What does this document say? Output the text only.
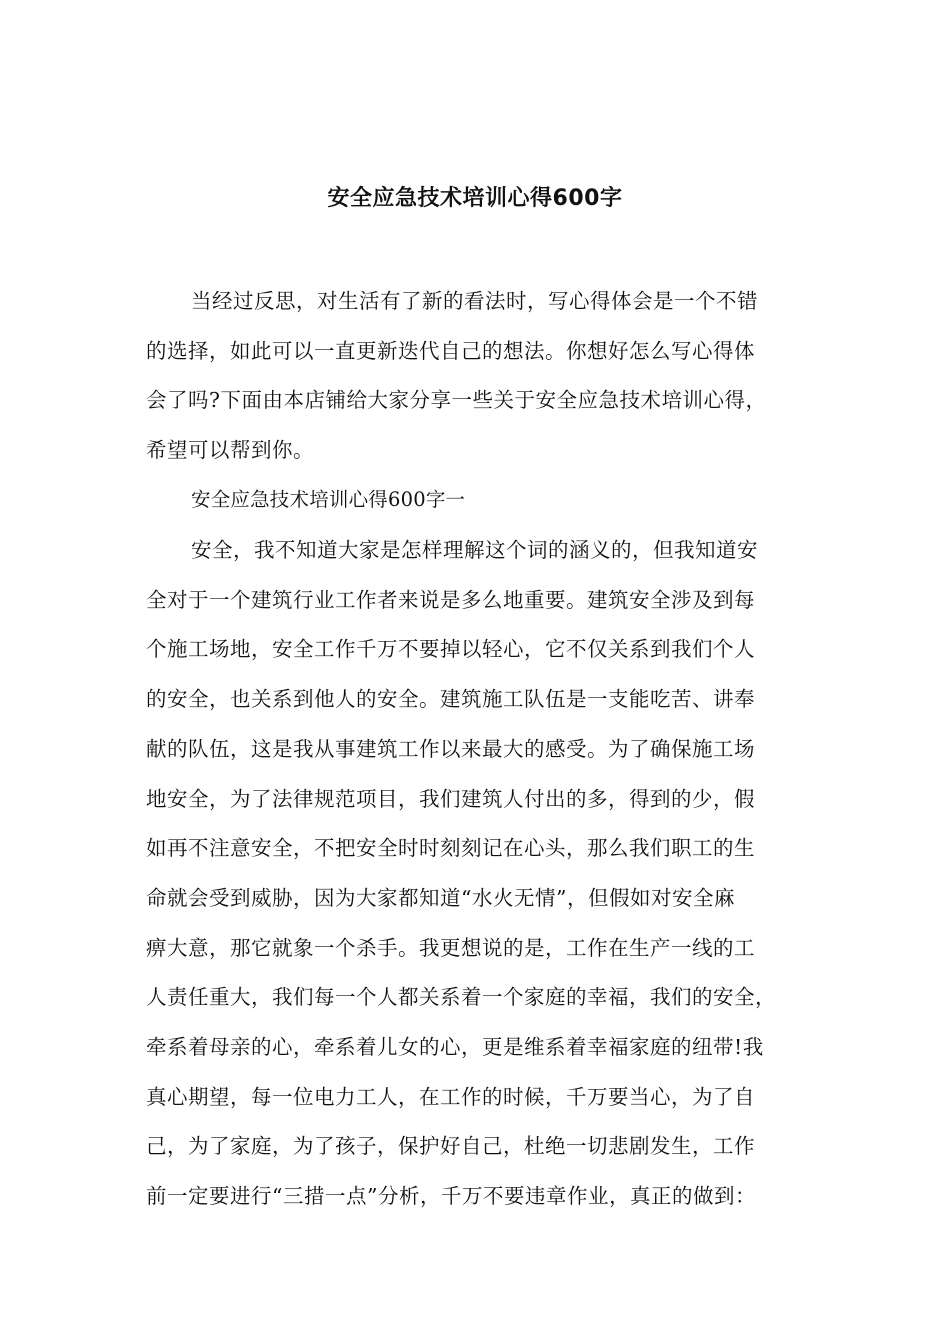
安全应急技术培训心得600字
当经过反思，对生活有了新的看法时，写心得体会是一个不错
的选择，如此可以一直更新迭代自己的想法。你想好怎么写心得体
会了吗?下面由本店铺给大家分享一些关于安全应急技术培训心得，
希望可以帮到你。
安全应急技术培训心得600字一
安全，我不知道大家是怎样理解这个词的涵义的，但我知道安
全对于一个建筑行业工作者来说是多么地重要。建筑安全涉及到每
个施工场地，安全工作千万不要掉以轻心，它不仅关系到我们个人
的安全，也关系到他人的安全。建筑施工队伍是一支能吃苦、讲奉
献的队伍，这是我从事建筑工作以来最大的感受。为了确保施工场
地安全，为了法律规范项目，我们建筑人付出的多，得到的少，假
如再不注意安全，不把安全时时刻刻记在心头，那么我们职工的生
命就会受到威胁，因为大家都知道“水火无情”，但假如对安全麻
痹大意，那它就象一个杀手。我更想说的是，工作在生产一线的工
人责任重大，我们每一个人都关系着一个家庭的幸福，我们的安全，
牵系着母亲的心，牵系着儿女的心，更是维系着幸福家庭的纽带!我
真心期望，每一位电力工人，在工作的时候，千万要当心，为了自
己，为了家庭，为了孩子，保护好自己，杜绝一切悲剧发生，工作
前一定要进行“三措一点”分析，千万不要违章作业，真正的做到：
